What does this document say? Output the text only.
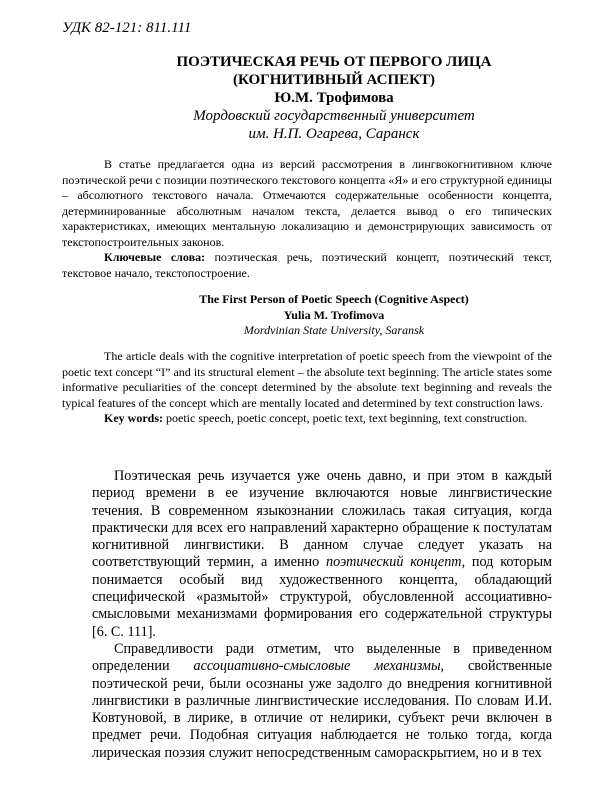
УДК 82-121: 811.111
ПОЭТИЧЕСКАЯ РЕЧЬ ОТ ПЕРВОГО ЛИЦА
(КОГНИТИВНЫЙ АСПЕКТ)
Ю.М. Трофимова
Мордовский государственный университет
им. Н.П. Огарева, Саранск

В статье предлагается одна из версий рассмотрения в лингвокогнитивном ключе поэтической речи с позиции поэтического текстового концепта «Я» и его структурной единицы – абсолютного текстового начала. Отмечаются содержательные особенности концепта, детерминированные абсолютным началом текста, делается вывод о его типических характеристиках, имеющих ментальную локализацию и демонстрирующих зависимость от текстопостроительных законов.

Ключевые слова: поэтическая речь, поэтический концепт, поэтический текст, текстовое начало, текстопостроение.

The First Person of Poetic Speech (Cognitive Aspect)
Yulia M. Trofimova
Mordvinian State University, Saransk

The article deals with the cognitive interpretation of poetic speech from the viewpoint of the poetic text concept “I” and its structural element – the absolute text beginning. The article states some informative peculiarities of the concept determined by the absolute text beginning and reveals the typical features of the concept which are mentally located and determined by text construction laws.

Key words: poetic speech, poetic concept, poetic text, text beginning, text construction.

Поэтическая речь изучается уже очень давно, и при этом в каждый период времени в ее изучение включаются новые лингвистические течения. В современном языкознании сложилась такая ситуация, когда практически для всех его направлений характерно обращение к постулатам когнитивной лингвистики. В данном случае следует указать на соответствующий термин, а именно поэтический концепт, под которым понимается особый вид художественного концепта, обладающий специфической «размытой» структурой, обусловленной ассоциативно-смысловыми механизмами формирования его содержательной структуры [6. С. 111].

Справедливости ради отметим, что выделенные в приведенном определении ассоциативно-смысловые механизмы, свойственные поэтической речи, были осознаны уже задолго до внедрения когнитивной лингвистики в различные лингвистические исследования. По словам И.И. Ковтуновой, в лирике, в отличие от нелирики, субъект речи включен в предмет речи. Подобная ситуация наблюдается не только тогда, когда лирическая поэзия служит непосредственным самораскрытием, но и в тех
